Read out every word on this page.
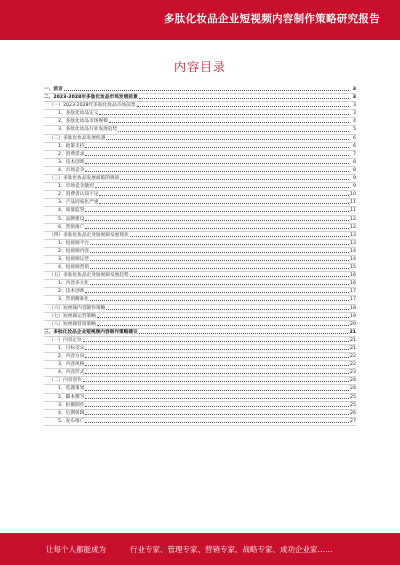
多肽化妆品企业短视频内容制作策略研究报告
内容目录
一、前言	3
二、2023-2028年多肽化妆品市场发展前景	3
（一）2023-2028年多肽化妆品市场前景	3
1、多肽化妆品定义	3
2、多肽化妆品市场规模	4
3、多肽化妆品行业发展趋势	5
（二）多肽化妆品发展机遇	6
1、政策支持	6
2、消费需求	7
3、技术创新	8
4、市场竞争	8
（三）多肽化妆品发展面临的挑战	9
1、市场竞争激烈	9
2、消费者认知不足	10
3、产品同质化严重	11
4、质量监管	11
5、品牌建设	12
6、营销推广	12
（四）多肽化妆品企业短视频发展现状	13
1、短视频平台	13
2、短视频内容	14
3、短视频运营	14
4、短视频营销	15
（五）多肽化妆品企业短视频发展趋势	16
1、内容多元化	16
2、技术创新	17
3、营销精准化	17
（六）短视频内容制作策略	18
（七）短视频运营策略	19
（八）短视频营销策略	20
三、多肽化妆品企业短视频内容制作策略建议	21
（一）内容定位	21
1、目标受众	21
2、内容方向	22
3、内容风格	22
4、内容形式	23
（二）内容创作	24
1、选题策划	24
2、脚本撰写	25
3、拍摄制作	25
4、后期剪辑	26
5、发布推广	27
让每个人都能成为	行业专家、管理专家、营销专家、战略专家、成功企业家……
